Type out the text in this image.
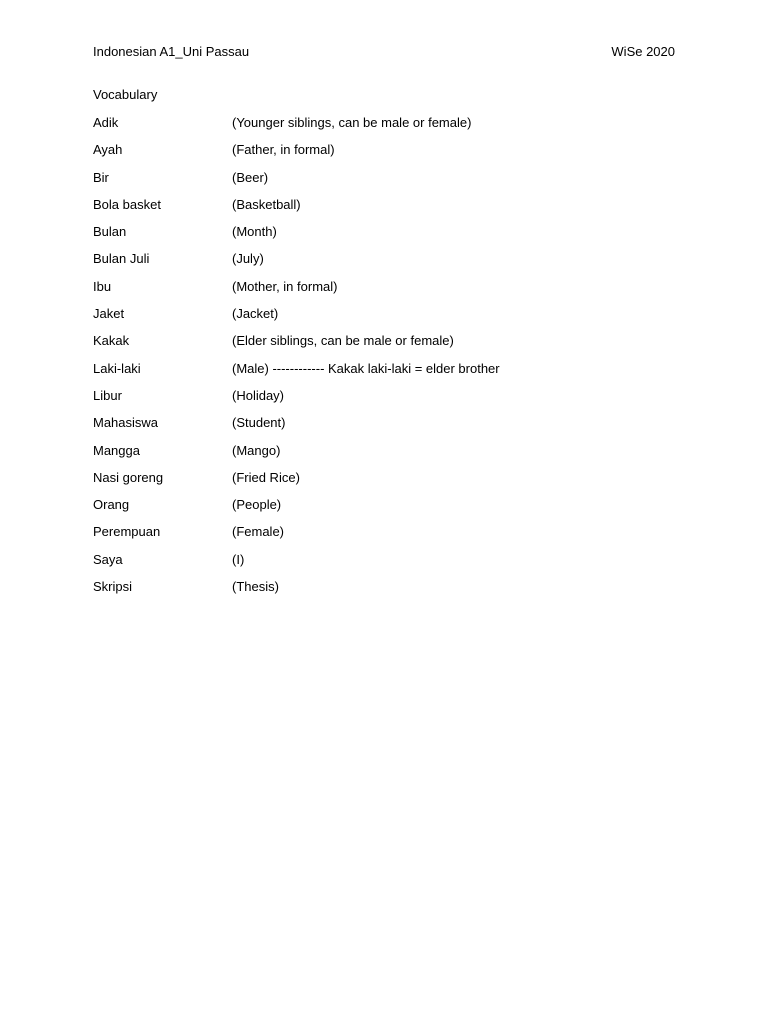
Indonesian A1_Uni Passau	WiSe 2020
Vocabulary
Adik	(Younger siblings, can be male or female)
Ayah	(Father, in formal)
Bir	(Beer)
Bola basket	(Basketball)
Bulan	(Month)
Bulan Juli	(July)
Ibu	(Mother, in formal)
Jaket	(Jacket)
Kakak	(Elder siblings, can be male or female)
Laki-laki	(Male) ------------ Kakak laki-laki = elder brother
Libur	(Holiday)
Mahasiswa	(Student)
Mangga	(Mango)
Nasi goreng	(Fried Rice)
Orang	(People)
Perempuan	(Female)
Saya	(I)
Skripsi	(Thesis)
